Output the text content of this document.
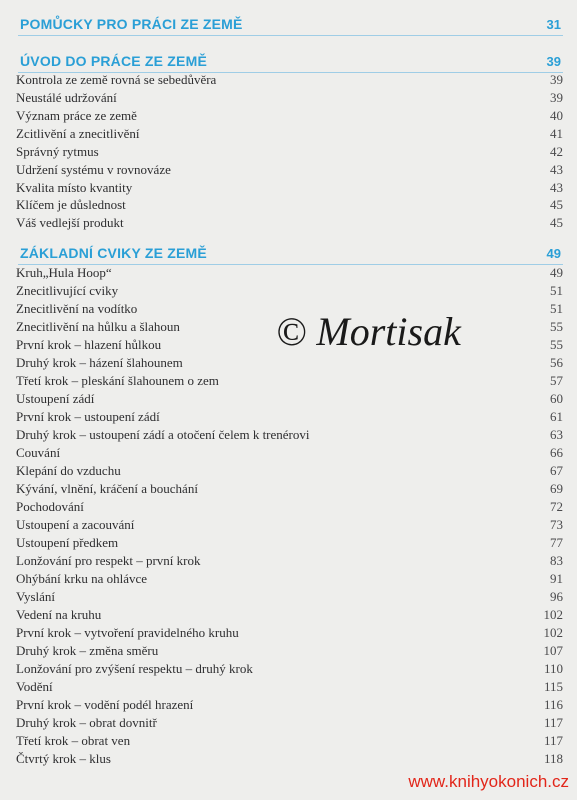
POMŮCKY PRO PRÁCI ZE ZEMĚ	31
ÚVOD DO PRÁCE ZE ZEMĚ	39
Kontrola ze země rovná se sebedůvěra	39
Neustálé udržování	39
Význam práce ze země	40
Zcitlivění a znecitlivění	41
Správný rytmus	42
Udržení systému v rovnováze	43
Kvalita místo kvantity	43
Klíčem je důslednost	45
Váš vedlejší produkt	45
ZÁKLADNÍ CVIKY ZE ZEMĚ	49
Kruh„Hula Hoop“	49
Znecitlivující cviky	51
Znecitlivění na vodítko	51
Znecitlivění na hůlku a šlahoun	55
První krok – hlazení hůlkou	55
Druhý krok – házení šlahounem	56
Třetí krok – pleskání šlahounem o zem	57
Ustoupení zádí	60
První krok – ustoupení zádí	61
Druhý krok – ustoupení zádí a otočení čelem k trenérovi	63
Couvání	66
Klepání do vzduchu	67
Kývání, vlnění, kráčení a bouchání	69
Pochodování	72
Ustoupení a zacouvání	73
Ustoupení předkem	77
Lonžování pro respekt – první krok	83
Ohýbání krku na ohlávce	91
Vyslání	96
Vedení na kruhu	102
První krok – vytvoření pravidelného kruhu	102
Druhý krok – změna směru	107
Lonžování pro zvýšení respektu – druhý krok	110
Vodění	115
První krok – vodění podél hrazení	116
Druhý krok – obrat dovnitř	117
Třetí krok – obrat ven	117
Čtvrtý krok – klus	118
© Mortisak
www.knihyokonich.cz
